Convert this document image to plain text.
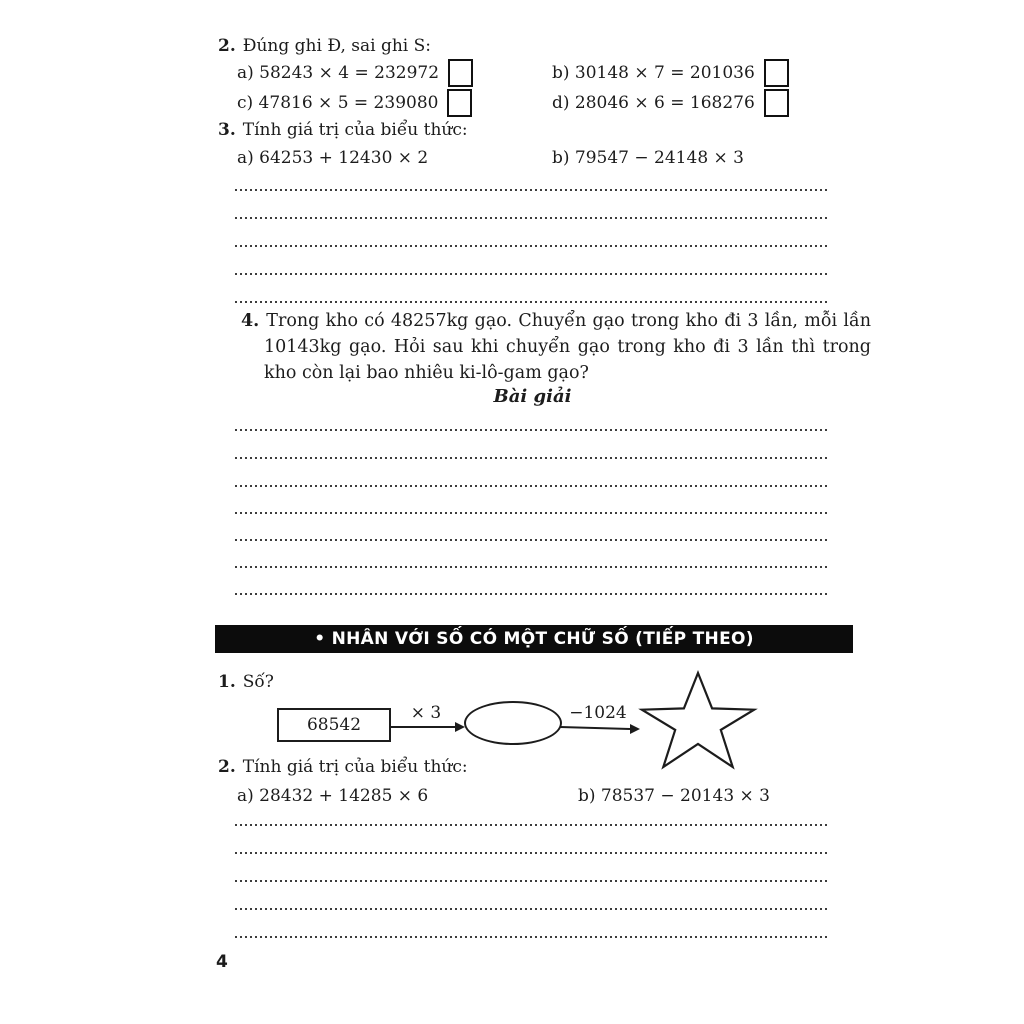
2. Đúng ghi Đ, sai ghi S:
a) 58243 × 4 = 232972	b) 30148 × 7 = 201036
c) 47816 × 5 = 239080	d) 28046 × 6 = 168276
3. Tính giá trị của biểu thức:
a) 64253 + 12430 × 2	b) 79547 − 24148 × 3
4. Trong kho có 48257kg gạo. Chuyển gạo trong kho đi 3 lần, mỗi lần 10143kg gạo. Hỏi sau khi chuyển gạo trong kho đi 3 lần thì trong kho còn lại bao nhiêu ki-lô-gam gạo?
Bài giải
• NHÂN VỚI SỐ CÓ MỘT CHỮ SỐ (TIẾP THEO)
1. Số?
68542
× 3	−1024
2. Tính giá trị của biểu thức:
a) 28432 + 14285 × 6	b) 78537 − 20143 × 3
4
